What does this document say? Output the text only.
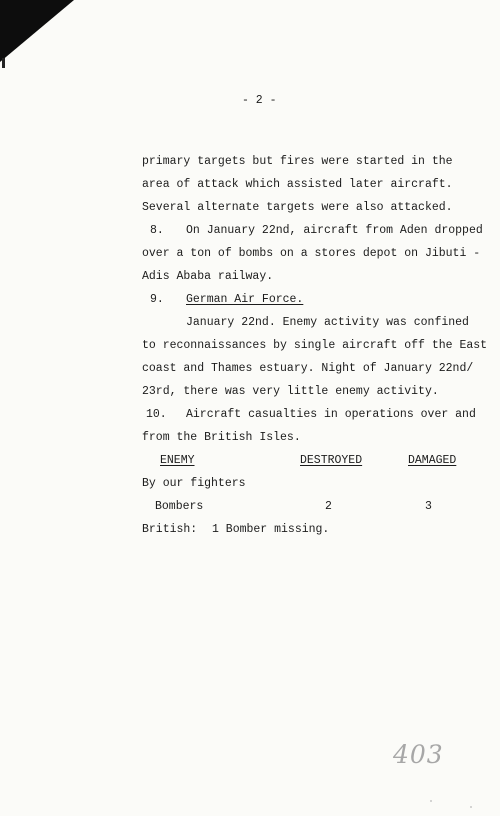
- 2 -
primary targets but fires were started in the
area of attack which assisted later aircraft.
Several alternate targets were also attacked.
8. On January 22nd, aircraft from Aden dropped
over a ton of bombs on a stores depot on Jibuti -
Adis Ababa railway.
9. German Air Force.
January 22nd. Enemy activity was confined
to reconnaissances by single aircraft off the East
coast and Thames estuary. Night of January 22nd/
23rd, there was very little enemy activity.
10. Aircraft casualties in operations over and
from the British Isles.
ENEMY	DESTROYED	DAMAGED
By our fighters
Bombers	2	3
British: 1 Bomber missing.
403
